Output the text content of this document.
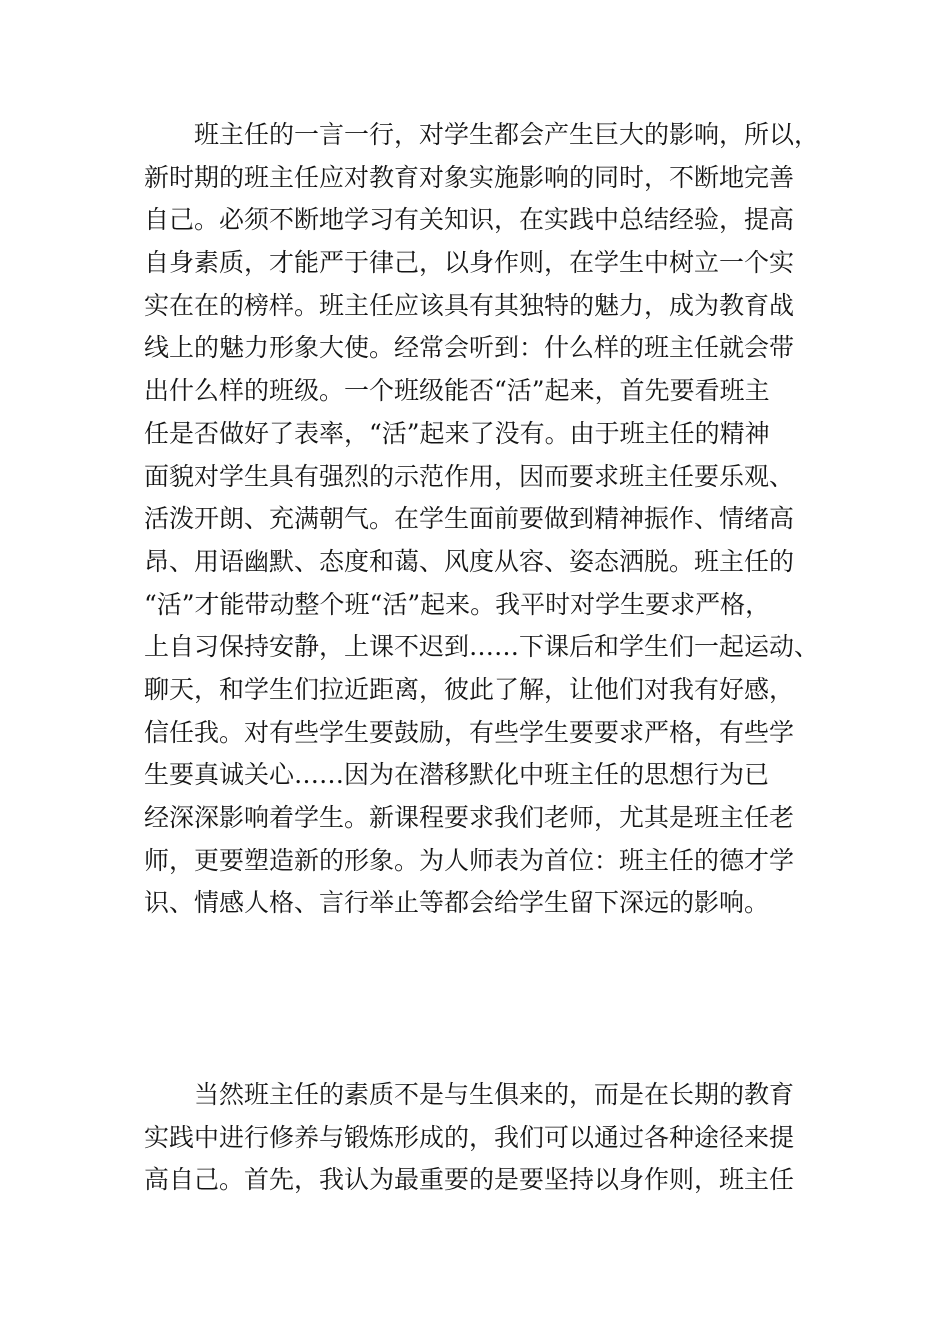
班主任的一言一行，对学生都会产生巨大的影响，所以，
新时期的班主任应对教育对象实施影响的同时，不断地完善
自己。必须不断地学习有关知识，在实践中总结经验，提高
自身素质，才能严于律己，以身作则，在学生中树立一个实
实在在的榜样。班主任应该具有其独特的魅力，成为教育战
线上的魅力形象大使。经常会听到：什么样的班主任就会带
出什么样的班级。一个班级能否“活”起来，首先要看班主
任是否做好了表率，“活”起来了没有。由于班主任的精神
面貌对学生具有强烈的示范作用，因而要求班主任要乐观、
活泼开朗、充满朝气。在学生面前要做到精神振作、情绪高
昂、用语幽默、态度和蔼、风度从容、姿态洒脱。班主任的
“活”才能带动整个班“活”起来。我平时对学生要求严格，
上自习保持安静，上课不迟到……下课后和学生们一起运动、
聊天，和学生们拉近距离，彼此了解，让他们对我有好感，
信任我。对有些学生要鼓励，有些学生要要求严格，有些学
生要真诚关心……因为在潜移默化中班主任的思想行为已
经深深影响着学生。新课程要求我们老师，尤其是班主任老
师，更要塑造新的形象。为人师表为首位：班主任的德才学
识、情感人格、言行举止等都会给学生留下深远的影响。
当然班主任的素质不是与生俱来的，而是在长期的教育
实践中进行修养与锻炼形成的，我们可以通过各种途径来提
高自己。首先，我认为最重要的是要坚持以身作则，班主任
